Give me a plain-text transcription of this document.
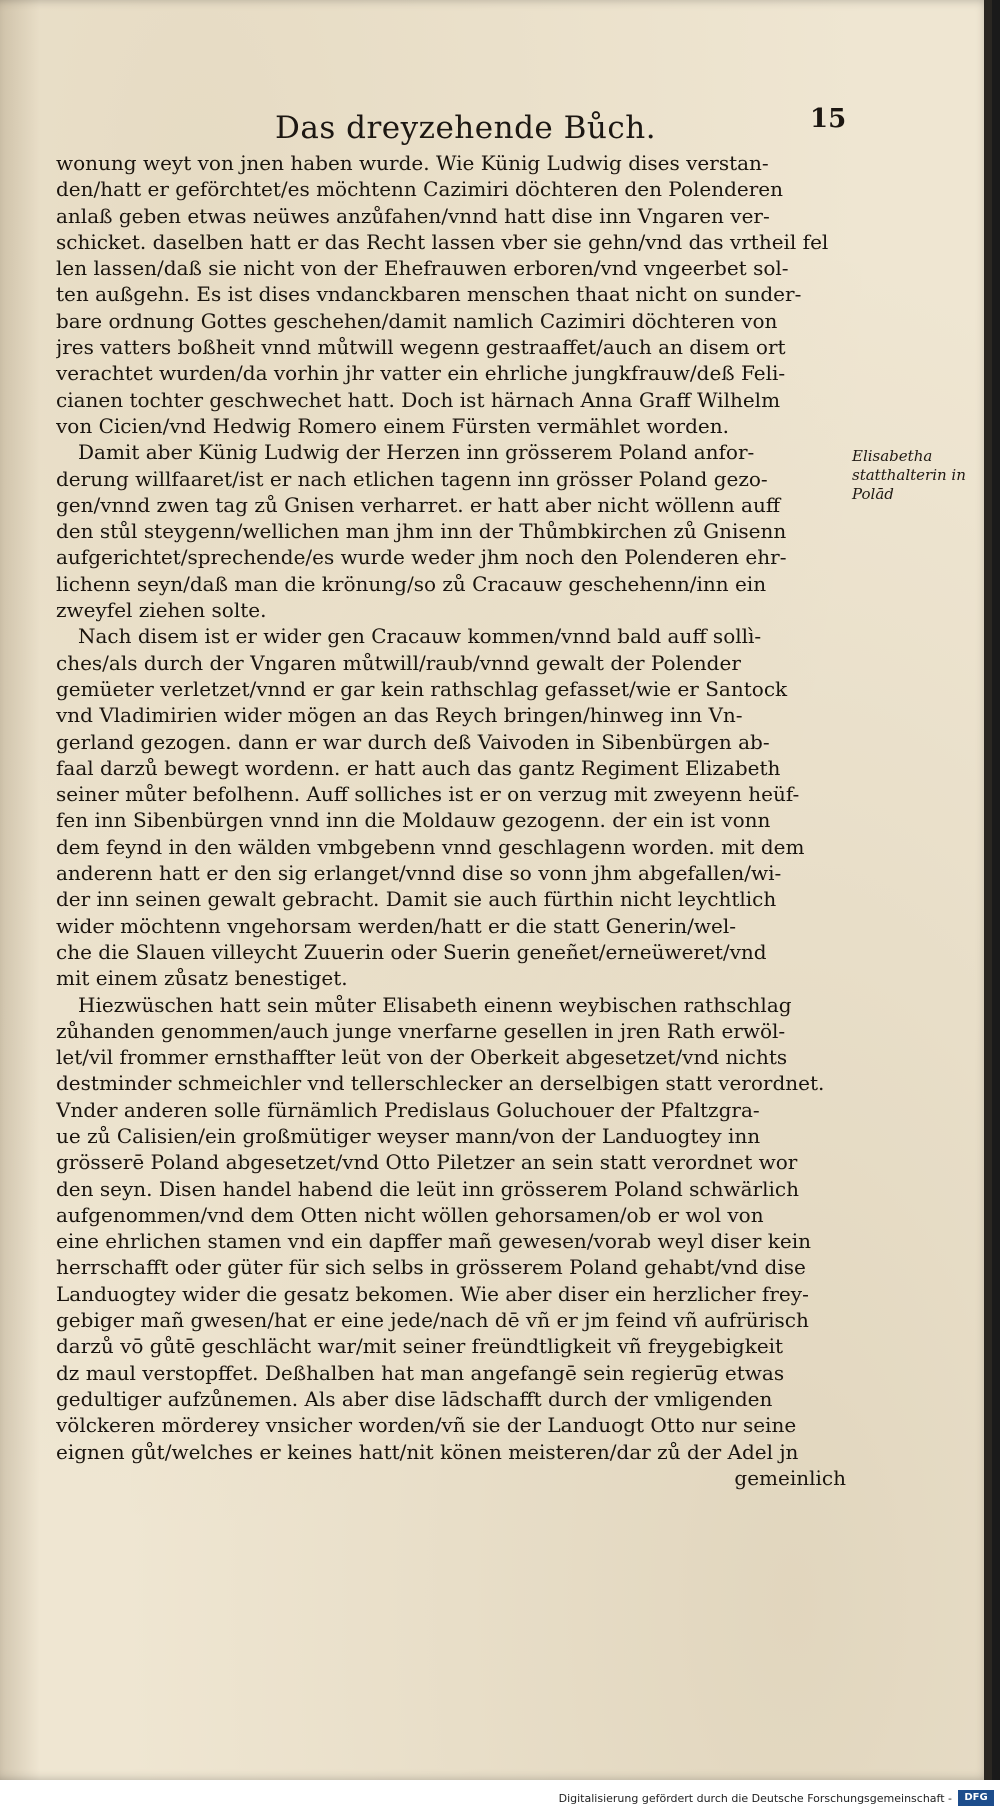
Das dreyzehende Bůch.	15
wonung weyt von jnen haben wurde. Wie Künig Ludwig dises verstan-
den/hatt er geförchtet/es möchtenn Cazimiri döchteren den Polenderen
anlaß geben etwas neüwes anzůfahen/vnnd hatt dise inn Vngaren ver-
schicket. daselben hatt er das Recht lassen vber sie gehn/vnd das vrtheil fel
len lassen/daß sie nicht von der Ehefrauwen erboren/vnd vngeerbet sol-
ten außgehn. Es ist dises vndanckbaren menschen thaat nicht on sunder-
bare ordnung Gottes geschehen/damit namlich Cazimiri döchteren von
jres vatters boßheit vnnd můtwill wegenn gestraaffet/auch an disem ort
verachtet wurden/da vorhin jhr vatter ein ehrliche jungkfrauw/deß Feli-
cianen tochter geschwechet hatt. Doch ist härnach Anna Graff Wilhelm
von Cicien/vnd Hedwig Romero einem Fürsten vermählet worden.
Damit aber Künig Ludwig der Herzen inn grösserem Poland anfor-
derung willfaaret/ist er nach etlichen tagenn inn grösser Poland gezo-
gen/vnnd zwen tag zů Gnisen verharret. er hatt aber nicht wöllenn auff
den stůl steygenn/wellichen man jhm inn der Thůmbkirchen zů Gnisenn
aufgerichtet/sprechende/es wurde weder jhm noch den Polenderen ehr-
lichenn seyn/daß man die krönung/so zů Cracauw geschehenn/inn ein
zweyfel ziehen solte.
Nach disem ist er wider gen Cracauw kommen/vnnd bald auff sollì-
ches/als durch der Vngaren můtwill/raub/vnnd gewalt der Polender
gemüeter verletzet/vnnd er gar kein rathschlag gefasset/wie er Santock
vnd Vladimirien wider mögen an das Reych bringen/hinweg inn Vn-
gerland gezogen. dann er war durch deß Vaivoden in Sibenbürgen ab-
faal darzů bewegt wordenn. er hatt auch das gantz Regiment Elizabeth
seiner můter befolhenn. Auff solliches ist er on verzug mit zweyenn heüf-
fen inn Sibenbürgen vnnd inn die Moldauw gezogenn. der ein ist vonn
dem feynd in den wälden vmbgebenn vnnd geschlagenn worden. mit dem
anderenn hatt er den sig erlanget/vnnd dise so vonn jhm abgefallen/wi-
der inn seinen gewalt gebracht. Damit sie auch fürthin nicht leychtlich
wider möchtenn vngehorsam werden/hatt er die statt Generin/wel-
che die Slauen villeycht Zuuerin oder Suerin geneñet/erneüweret/vnd
mit einem zůsatz benestiget.
Hiezwüschen hatt sein můter Elisabeth einenn weybischen rathschlag
zůhanden genommen/auch junge vnerfarne gesellen in jren Rath erwöl-
let/vil frommer ernsthaffter leüt von der Oberkeit abgesetzet/vnd nichts
destminder schmeichler vnd tellerschlecker an derselbigen statt verordnet.
Vnder anderen solle fürnämlich Predislaus Goluchouer der Pfaltzgra-
ue zů Calisien/ein großmütiger weyser mann/von der Landuogtey inn
grösserē Poland abgesetzet/vnd Otto Piletzer an sein statt verordnet wor
den seyn. Disen handel habend die leüt inn grösserem Poland schwärlich
aufgenommen/vnd dem Otten nicht wöllen gehorsamen/ob er wol von
eine ehrlichen stamen vnd ein dapffer mañ gewesen/vorab weyl diser kein
herrschafft oder güter für sich selbs in grösserem Poland gehabt/vnd dise
Landuogtey wider die gesatz bekomen. Wie aber diser ein herzlicher frey-
gebiger mañ gwesen/hat er eine jede/nach dē vñ er jm feind vñ aufrürisch
darzů vō gůtē geschlächt war/mit seiner freündtligkeit vñ freygebigkeit
dz maul verstopffet. Deßhalben hat man angefangē sein regierūg etwas
gedultiger aufzůnemen. Als aber dise lādschafft durch der vmligenden
völckeren mörderey vnsicher worden/vñ sie der Landuogt Otto nur seine
eignen gůt/welches er keines hatt/nit könen meisteren/dar zů der Adel jn
gemeinlich
Elisabetha statthalterin in Polād
Digitalisierung gefördert durch die Deutsche Forschungsgemeinschaft -	DFG
